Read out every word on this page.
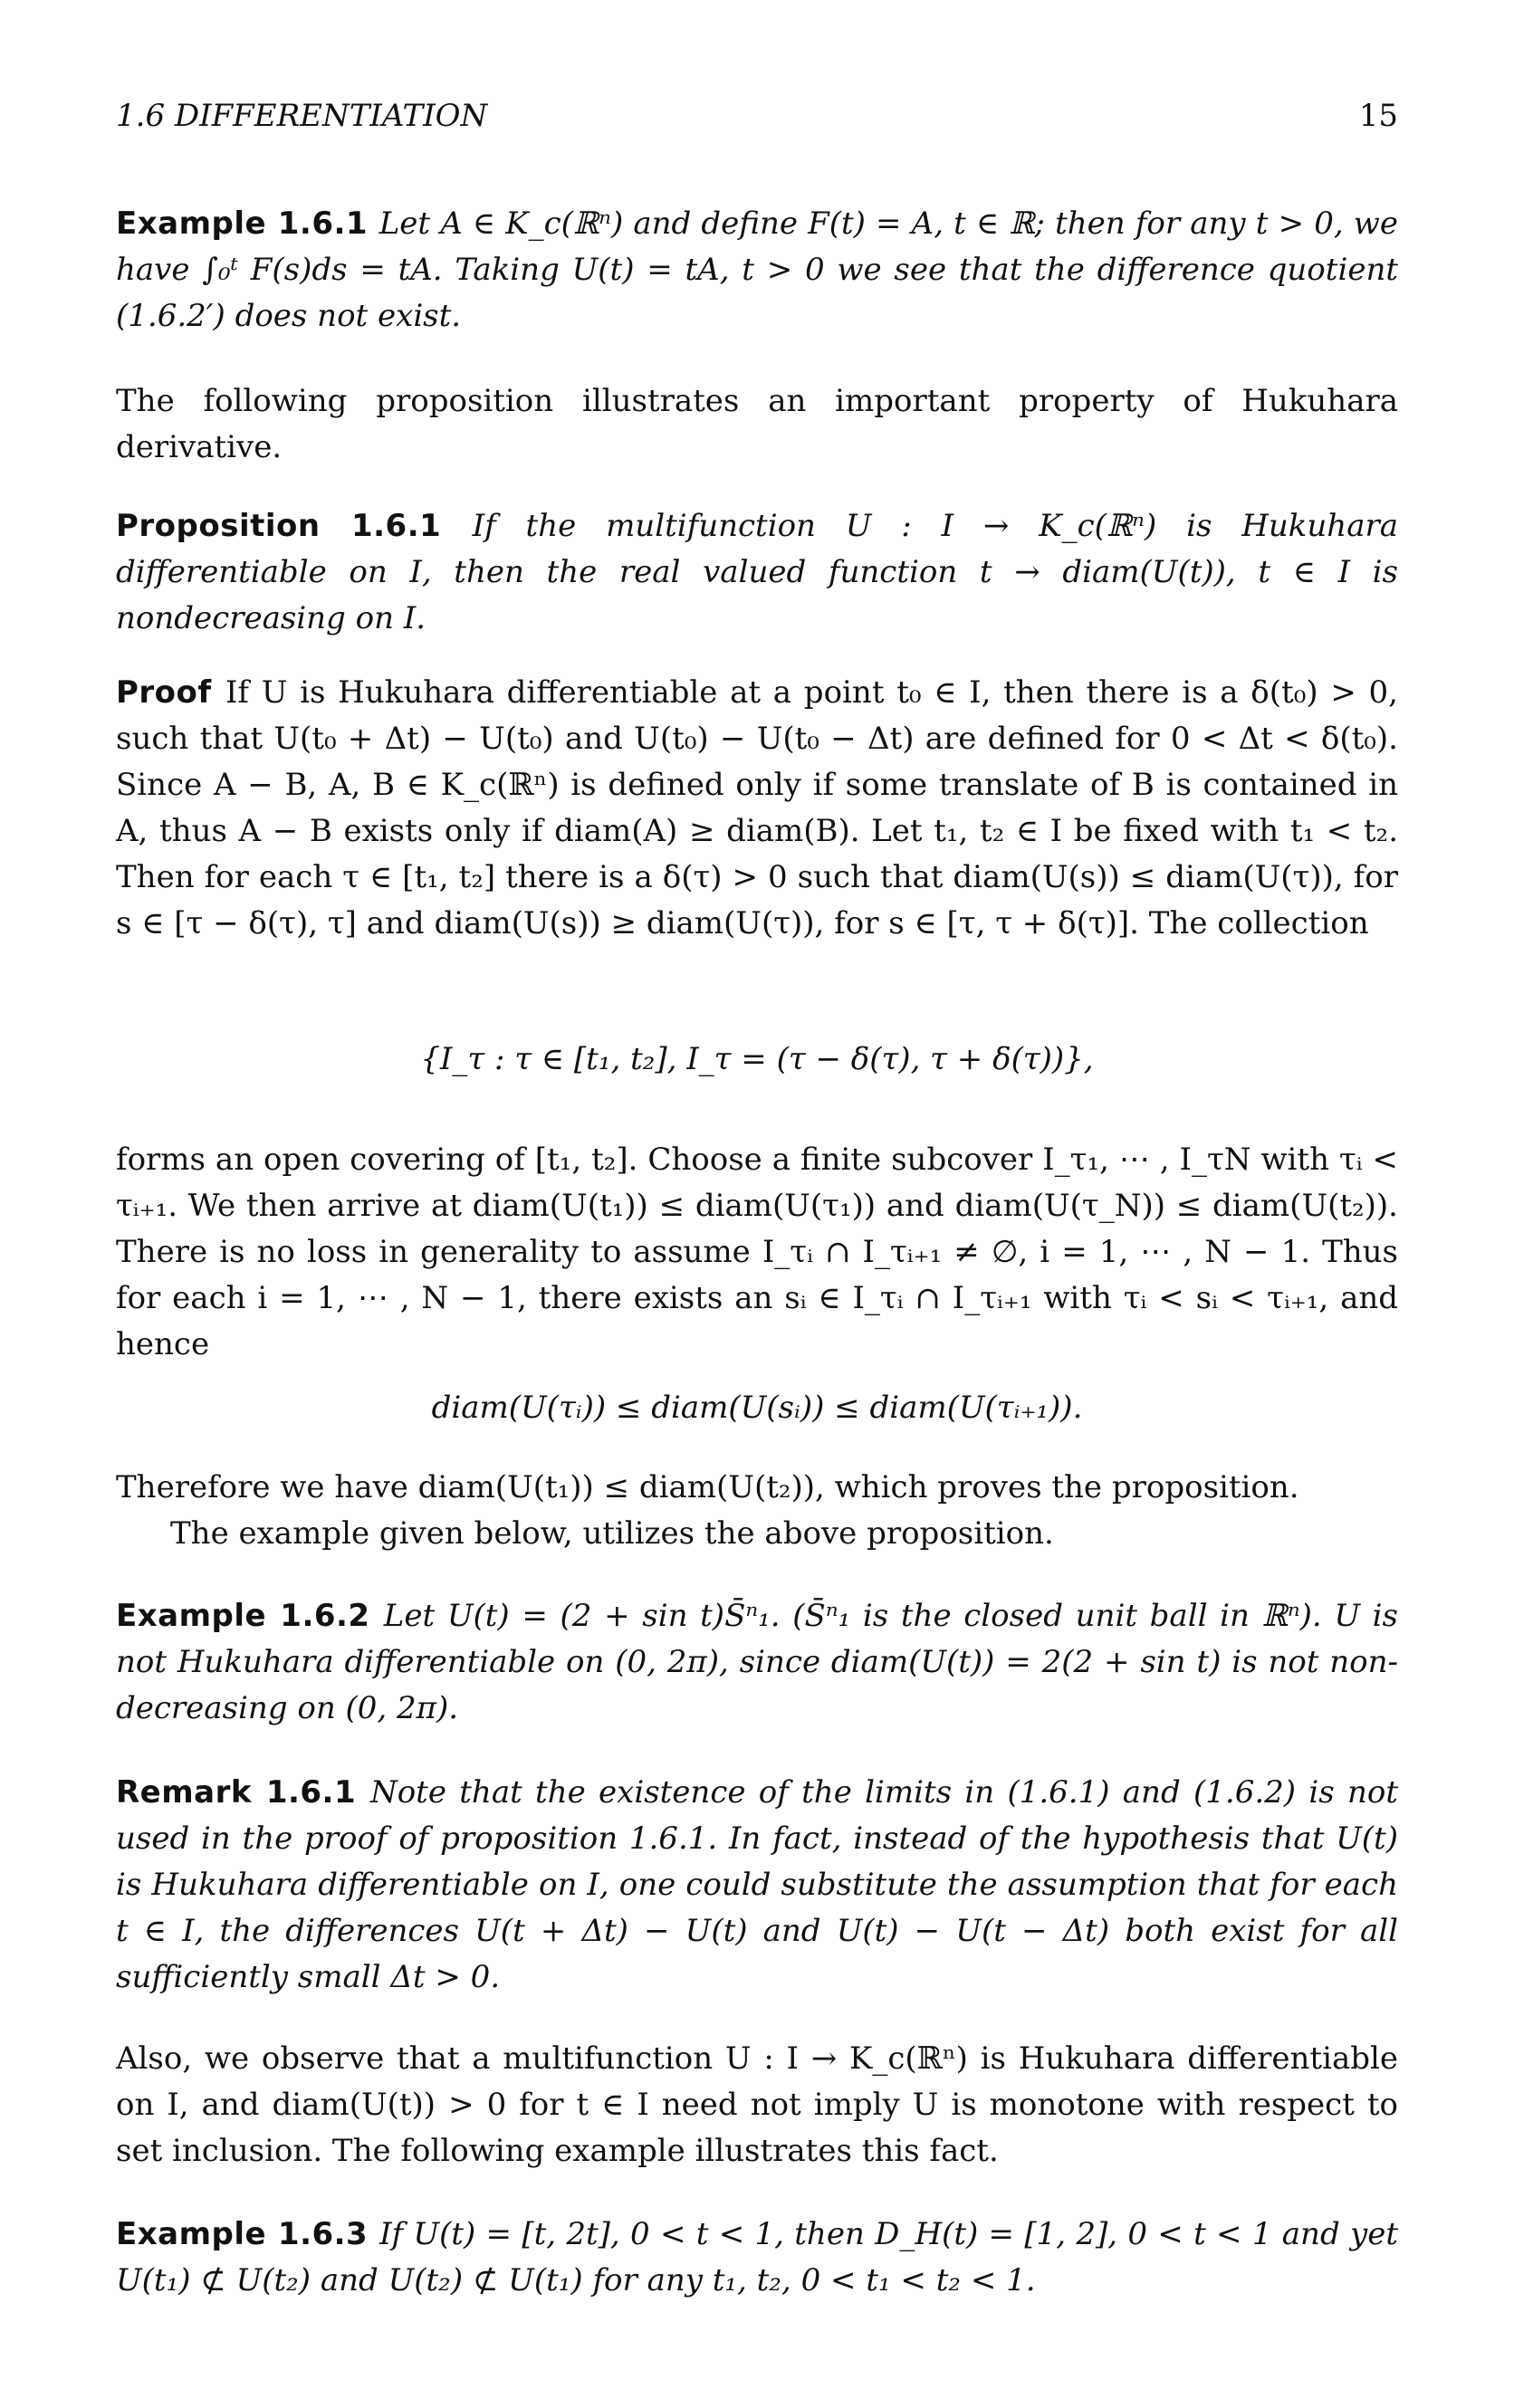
1.6 DIFFERENTIATION	15
Example 1.6.1 Let A ∈ K_c(ℝⁿ) and define F(t) = A, t ∈ ℝ; then for any t > 0, we have ∫₀ᵗ F(s)ds = tA. Taking U(t) = tA, t > 0 we see that the difference quotient (1.6.2′) does not exist.
The following proposition illustrates an important property of Hukuhara derivative.
Proposition 1.6.1 If the multifunction U : I → K_c(ℝⁿ) is Hukuhara differentiable on I, then the real valued function t → diam(U(t)), t ∈ I is nondecreasing on I.
Proof If U is Hukuhara differentiable at a point t₀ ∈ I, then there is a δ(t₀) > 0, such that U(t₀ + Δt) − U(t₀) and U(t₀) − U(t₀ − Δt) are defined for 0 < Δt < δ(t₀). Since A − B, A, B ∈ K_c(ℝⁿ) is defined only if some translate of B is contained in A, thus A − B exists only if diam(A) ≥ diam(B). Let t₁, t₂ ∈ I be fixed with t₁ < t₂. Then for each τ ∈ [t₁, t₂] there is a δ(τ) > 0 such that diam(U(s)) ≤ diam(U(τ)), for s ∈ [τ − δ(τ), τ] and diam(U(s)) ≥ diam(U(τ)), for s ∈ [τ, τ + δ(τ)]. The collection
{I_τ : τ ∈ [t₁, t₂], I_τ = (τ − δ(τ), τ + δ(τ))},
forms an open covering of [t₁, t₂]. Choose a finite subcover I_τ₁, ⋯ , I_τN with τᵢ < τᵢ₊₁. We then arrive at diam(U(t₁)) ≤ diam(U(τ₁)) and diam(U(τ_N)) ≤ diam(U(t₂)). There is no loss in generality to assume I_τᵢ ∩ I_τᵢ₊₁ ≠ ∅, i = 1, ⋯ , N − 1. Thus for each i = 1, ⋯ , N − 1, there exists an sᵢ ∈ I_τᵢ ∩ I_τᵢ₊₁ with τᵢ < sᵢ < τᵢ₊₁, and hence
diam(U(τᵢ)) ≤ diam(U(sᵢ)) ≤ diam(U(τᵢ₊₁)).
Therefore we have diam(U(t₁)) ≤ diam(U(t₂)), which proves the proposition.
The example given below, utilizes the above proposition.
Example 1.6.2 Let U(t) = (2 + sin t)S̄ⁿ₁. (S̄ⁿ₁ is the closed unit ball in ℝⁿ). U is not Hukuhara differentiable on (0, 2π), since diam(U(t)) = 2(2 + sin t) is not non-decreasing on (0, 2π).
Remark 1.6.1 Note that the existence of the limits in (1.6.1) and (1.6.2) is not used in the proof of proposition 1.6.1. In fact, instead of the hypothesis that U(t) is Hukuhara differentiable on I, one could substitute the assumption that for each t ∈ I, the differences U(t + Δt) − U(t) and U(t) − U(t − Δt) both exist for all sufficiently small Δt > 0.
Also, we observe that a multifunction U : I → K_c(ℝⁿ) is Hukuhara differentiable on I, and diam(U(t)) > 0 for t ∈ I need not imply U is monotone with respect to set inclusion. The following example illustrates this fact.
Example 1.6.3 If U(t) = [t, 2t], 0 < t < 1, then D_H(t) = [1, 2], 0 < t < 1 and yet U(t₁) ⊄ U(t₂) and U(t₂) ⊄ U(t₁) for any t₁, t₂, 0 < t₁ < t₂ < 1.
